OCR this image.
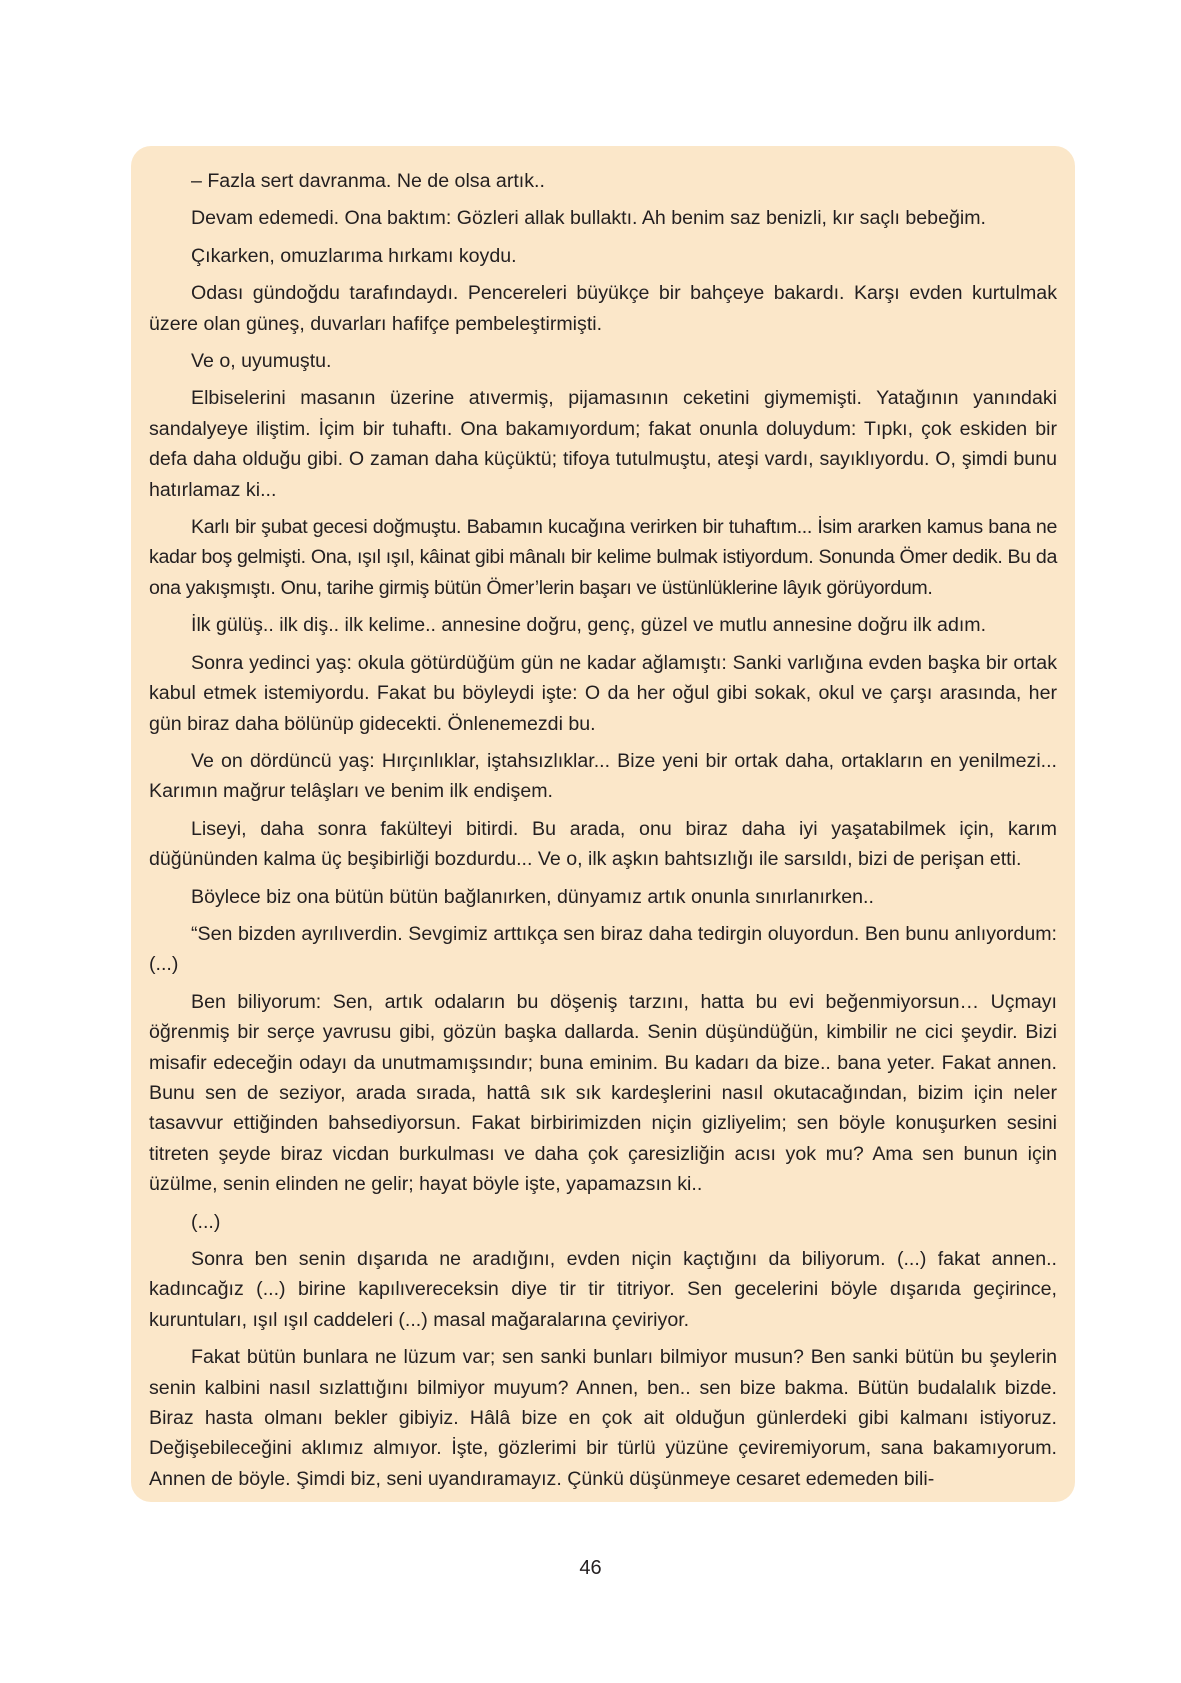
– Fazla sert davranma. Ne de olsa artık..

Devam edemedi. Ona baktım: Gözleri allak bullaktı. Ah benim saz benizli, kır saçlı bebeğim.

Çıkarken, omuzlarıma hırkamı koydu.

Odası gündoğdu tarafındaydı. Pencereleri büyükçe bir bahçeye bakardı. Karşı evden kurtulmak üzere olan güneş, duvarları hafifçe pembeleştirmişti.

Ve o, uyumuştu.

Elbiselerini masanın üzerine atıvermiş, pijamasının ceketini giymemişti. Yatağının yanındaki sandalyeye iliştim. İçim bir tuhaftı. Ona bakamıyordum; fakat onunla doluydum: Tıpkı, çok eskiden bir defa daha olduğu gibi. O zaman daha küçüktü; tifoya tutulmuştu, ateşi vardı, sayıklıyordu. O, şimdi bunu hatırlamaz ki...

Karlı bir şubat gecesi doğmuştu. Babamın kucağına verirken bir tuhaftım... İsim ararken kamus bana ne kadar boş gelmişti. Ona, ışıl ışıl, kâinat gibi mânalı bir kelime bulmak istiyordum. Sonunda Ömer dedik. Bu da ona yakışmıştı. Onu, tarihe girmiş bütün Ömer’lerin başarı ve üstünlüklerine lâyık görüyordum.

İlk gülüş.. ilk diş.. ilk kelime.. annesine doğru, genç, güzel ve mutlu annesine doğru ilk adım.

Sonra yedinci yaş: okula götürdüğüm gün ne kadar ağlamıştı: Sanki varlığına evden başka bir ortak kabul etmek istemiyordu. Fakat bu böyleydi işte: O da her oğul gibi sokak, okul ve çarşı arasında, her gün biraz daha bölünüp gidecekti. Önlenemezdi bu.

Ve on dördüncü yaş: Hırçınlıklar, iştahsızlıklar... Bize yeni bir ortak daha, ortakların en yenilmezi... Karımın mağrur telâşları ve benim ilk endişem.

Liseyi, daha sonra fakülteyi bitirdi. Bu arada, onu biraz daha iyi yaşatabilmek için, karım düğününden kalma üç beşibirliği bozdurdu... Ve o, ilk aşkın bahtsızlığı ile sarsıldı, bizi de perişan etti.

Böylece biz ona bütün bütün bağlanırken, dünyamız artık onunla sınırlanırken..

“Sen bizden ayrılıverdin. Sevgimiz arttıkça sen biraz daha tedirgin oluyordun. Ben bunu anlıyordum: (...)

Ben biliyorum: Sen, artık odaların bu döşeniş tarzını, hatta bu evi beğenmiyorsun… Uçmayı öğrenmiş bir serçe yavrusu gibi, gözün başka dallarda. Senin düşündüğün, kimbilir ne cici şeydir. Bizi misafir edeceğin odayı da unutmamışsındır; buna eminim. Bu kadarı da bize.. bana yeter. Fakat annen. Bunu sen de seziyor, arada sırada, hattâ sık sık kardeşlerini nasıl okutacağından, bizim için neler tasavvur ettiğinden bahsediyorsun. Fakat birbirimizden niçin gizliyelim; sen böyle konuşurken sesini titreten şeyde biraz vicdan burkulması ve daha çok çaresizliğin acısı yok mu? Ama sen bunun için üzülme, senin elinden ne gelir; hayat böyle işte, yapamazsın ki..

(...)

Sonra ben senin dışarıda ne aradığını, evden niçin kaçtığını da biliyorum. (...) fakat annen.. kadıncağız (...) birine kapılıvereceksin diye tir tir titriyor. Sen gecelerini böyle dışarıda geçirince, kuruntuları, ışıl ışıl caddeleri (...) masal mağaralarına çeviriyor.

Fakat bütün bunlara ne lüzum var; sen sanki bunları bilmiyor musun? Ben sanki bütün bu şeylerin senin kalbini nasıl sızlattığını bilmiyor muyum? Annen, ben.. sen bize bakma. Bütün budalalık bizde. Biraz hasta olmanı bekler gibiyiz. Hâlâ bize en çok ait olduğun günlerdeki gibi kalmanı istiyoruz. Değişebileceğini aklımız almıyor. İşte, gözlerimi bir türlü yüzüne çeviremiyorum, sana bakamıyorum. Annen de böyle. Şimdi biz, seni uyandıramayız. Çünkü düşünmeye cesaret edemeden bili-

46
